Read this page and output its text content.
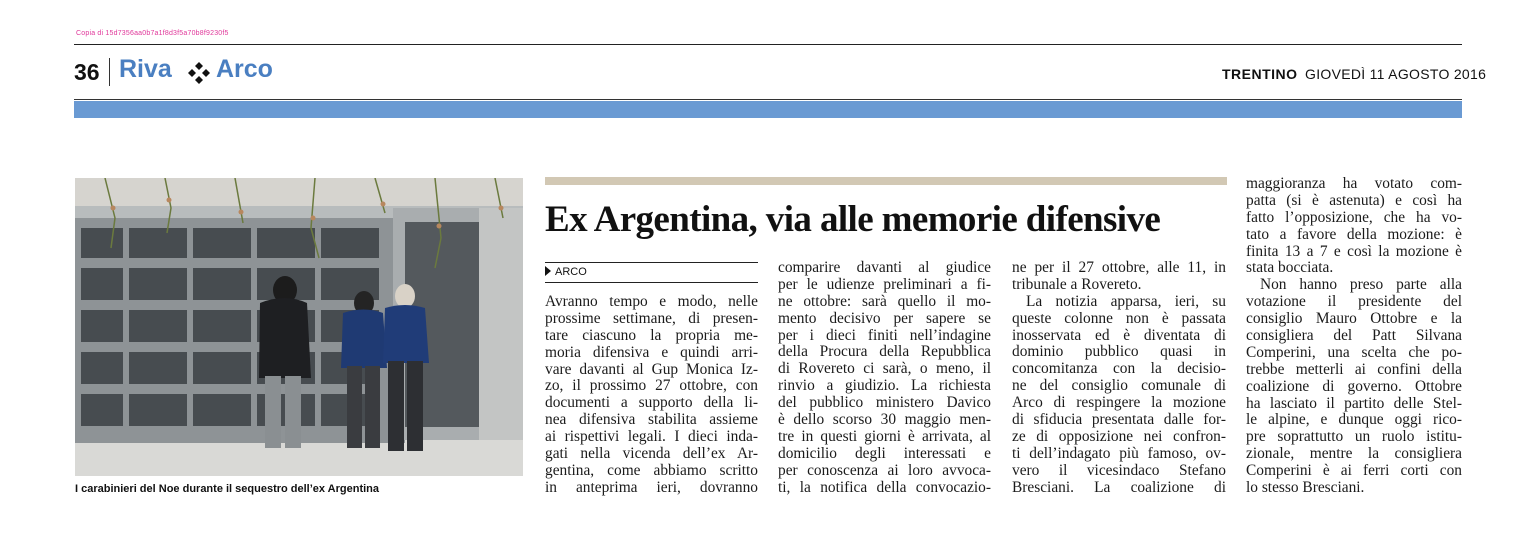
Copia di 15d7356aa0b7a1f8d3f5a70b8f9230f5
36 Riva Arco	TRENTINO GIOVEDÌ 11 AGOSTO 2016
I carabinieri del Noe durante il sequestro dell’ex Argentina
Ex Argentina, via alle memorie difensive
ARCO
Avranno tempo e modo, nelle
prossime settimane, di presen-
tare ciascuno la propria me-
moria difensiva e quindi arri-
vare davanti al Gup Monica Iz-
zo, il prossimo 27 ottobre, con
documenti a supporto della li-
nea difensiva stabilita assieme
ai rispettivi legali. I dieci inda-
gati nella vicenda dell’ex Ar-
gentina, come abbiamo scritto
in anteprima ieri, dovranno
comparire davanti al giudice
per le udienze preliminari a fi-
ne ottobre: sarà quello il mo-
mento decisivo per sapere se
per i dieci finiti nell’indagine
della Procura della Repubblica
di Rovereto ci sarà, o meno, il
rinvio a giudizio. La richiesta
del pubblico ministero Davico
è dello scorso 30 maggio men-
tre in questi giorni è arrivata, al
domicilio degli interessati e
per conoscenza ai loro avvoca-
ti, la notifica della convocazio-
ne per il 27 ottobre, alle 11, in
tribunale a Rovereto.
La notizia apparsa, ieri, su
queste colonne non è passata
inosservata ed è diventata di
dominio pubblico quasi in
concomitanza con la decisio-
ne del consiglio comunale di
Arco di respingere la mozione
di sfiducia presentata dalle for-
ze di opposizione nei confron-
ti dell’indagato più famoso, ov-
vero il vicesindaco Stefano
Bresciani. La coalizione di
maggioranza ha votato com-
patta (si è astenuta) e così ha
fatto l’opposizione, che ha vo-
tato a favore della mozione: è
finita 13 a 7 e così la mozione è
stata bocciata.
Non hanno preso parte alla
votazione il presidente del
consiglio Mauro Ottobre e la
consigliera del Patt Silvana
Comperini, una scelta che po-
trebbe metterli ai confini della
coalizione di governo. Ottobre
ha lasciato il partito delle Stel-
le alpine, e dunque oggi rico-
pre soprattutto un ruolo istitu-
zionale, mentre la consigliera
Comperini è ai ferri corti con
lo stesso Bresciani.
